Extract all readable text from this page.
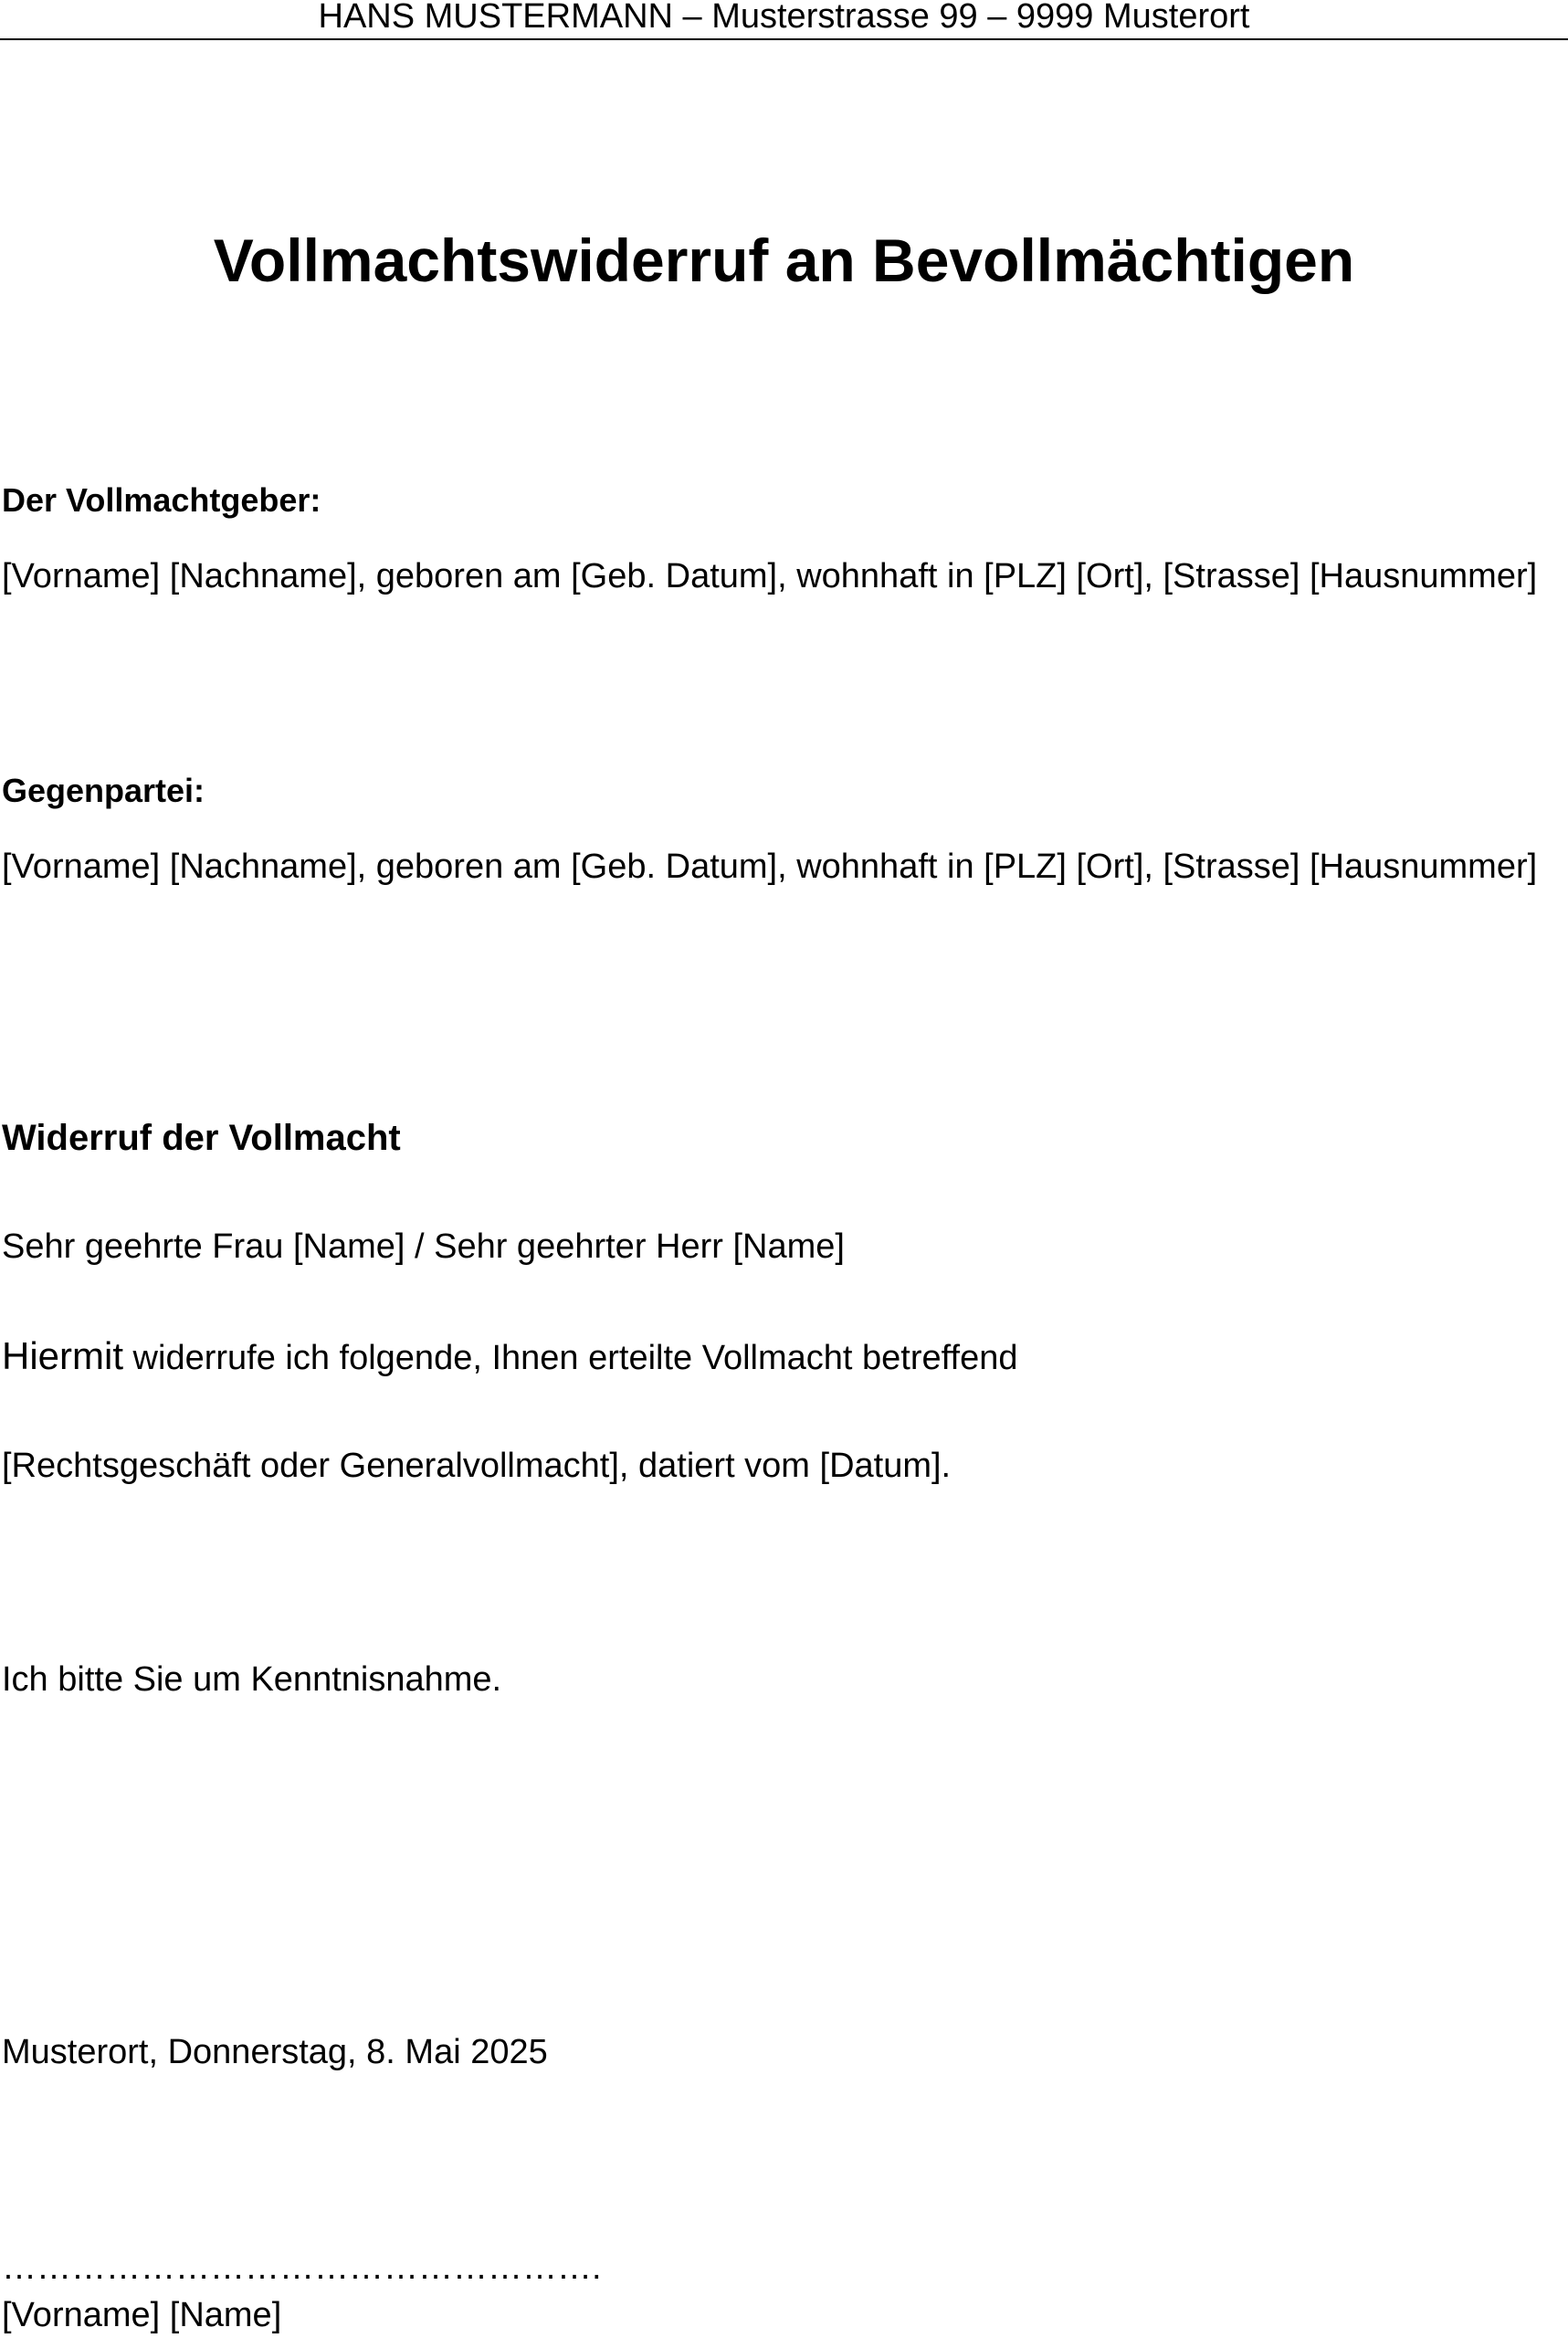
HANS MUSTERMANN – Musterstrasse 99 – 9999 Musterort
Vollmachtswiderruf an Bevollmächtigen
Der Vollmachtgeber:
[Vorname] [Nachname], geboren am [Geb. Datum], wohnhaft in [PLZ] [Ort], [Strasse] [Hausnummer]
Gegenpartei:
[Vorname] [Nachname], geboren am [Geb. Datum], wohnhaft in [PLZ] [Ort], [Strasse] [Hausnummer]
Widerruf der Vollmacht
Sehr geehrte Frau [Name] / Sehr geehrter Herr [Name]
Hiermit widerrufe ich folgende, Ihnen erteilte Vollmacht betreffend
[Rechtsgeschäft oder Generalvollmacht], datiert vom [Datum].
Ich bitte Sie um Kenntnisnahme.
Musterort, Donnerstag, 8. Mai 2025
…………………………………………….
[Vorname] [Name]
